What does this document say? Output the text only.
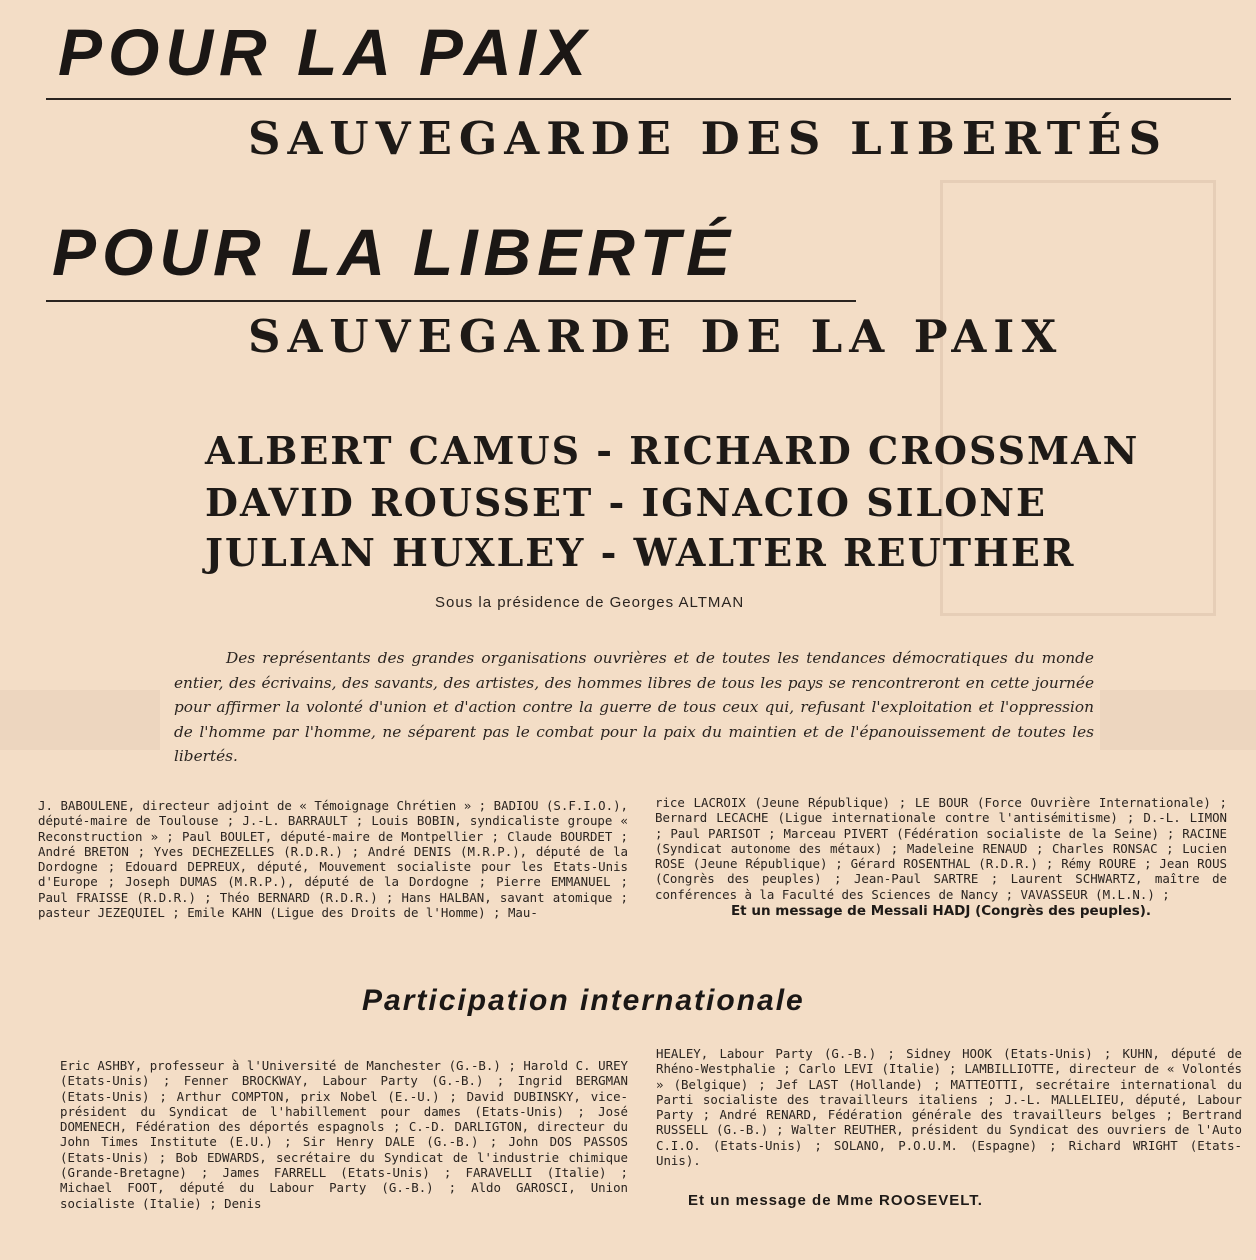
POUR LA PAIX
SAUVEGARDE DES LIBERTÉS
POUR LA LIBERTÉ
SAUVEGARDE DE LA PAIX
ALBERT CAMUS - RICHARD CROSSMAN
DAVID ROUSSET - IGNACIO SILONE
JULIAN HUXLEY - WALTER REUTHER
Sous la présidence de Georges ALTMAN
Des représentants des grandes organisations ouvrières et de toutes les tendances démocratiques du monde entier, des écrivains, des savants, des artistes, des hommes libres de tous les pays se rencontreront en cette journée pour affirmer la volonté d'union et d'action contre la guerre de tous ceux qui, refusant l'exploitation et l'oppression de l'homme par l'homme, ne séparent pas le combat pour la paix du maintien et de l'épanouissement de toutes les libertés.
J. BABOULENE, directeur adjoint de « Témoignage Chrétien » ; BADIOU (S.F.I.O.), député-maire de Toulouse ; J.-L. BARRAULT ; Louis BOBIN, syndicaliste groupe « Reconstruction » ; Paul BOULET, député-maire de Montpellier ; Claude BOURDET ; André BRETON ; Yves DECHEZELLES (R.D.R.) ; André DENIS (M.R.P.), député de la Dordogne ; Edouard DEPREUX, député, Mouvement socialiste pour les Etats-Unis d'Europe ; Joseph DUMAS (M.R.P.), député de la Dordogne ; Pierre EMMANUEL ; Paul FRAISSE (R.D.R.) ; Théo BERNARD (R.D.R.) ; Hans HALBAN, savant atomique ; pasteur JEZEQUIEL ; Emile KAHN (Ligue des Droits de l'Homme) ; Mau-
rice LACROIX (Jeune République) ; LE BOUR (Force Ouvrière Internationale) ; Bernard LECACHE (Ligue internationale contre l'antisémitisme) ; D.-L. LIMON ; Paul PARISOT ; Marceau PIVERT (Fédération socialiste de la Seine) ; RACINE (Syndicat autonome des métaux) ; Madeleine RENAUD ; Charles RONSAC ; Lucien ROSE (Jeune République) ; Gérard ROSENTHAL (R.D.R.) ; Rémy ROURE ; Jean ROUS (Congrès des peuples) ; Jean-Paul SARTRE ; Laurent SCHWARTZ, maître de conférences à la Faculté des Sciences de Nancy ; VAVASSEUR (M.L.N.) ;
Et un message de Messali HADJ (Congrès des peuples).
Participation internationale
Eric ASHBY, professeur à l'Université de Manchester (G.-B.) ; Harold C. UREY (Etats-Unis) ; Fenner BROCKWAY, Labour Party (G.-B.) ; Ingrid BERGMAN (Etats-Unis) ; Arthur COMPTON, prix Nobel (E.-U.) ; David DUBINSKY, vice-président du Syndicat de l'habillement pour dames (Etats-Unis) ; José DOMENECH, Fédération des déportés espagnols ; C.-D. DARLIGTON, directeur du John Times Institute (E.U.) ; Sir Henry DALE (G.-B.) ; John DOS PASSOS (Etats-Unis) ; Bob EDWARDS, secrétaire du Syndicat de l'industrie chimique (Grande-Bretagne) ; James FARRELL (Etats-Unis) ; FARAVELLI (Italie) ; Michael FOOT, député du Labour Party (G.-B.) ; Aldo GAROSCI, Union socialiste (Italie) ; Denis
HEALEY, Labour Party (G.-B.) ; Sidney HOOK (Etats-Unis) ; KUHN, député de Rhéno-Westphalie ; Carlo LEVI (Italie) ; LAMBILLIOTTE, directeur de « Volontés » (Belgique) ; Jef LAST (Hollande) ; MATTEOTTI, secrétaire international du Parti socialiste des travailleurs italiens ; J.-L. MALLELIEU, député, Labour Party ; André RENARD, Fédération générale des travailleurs belges ; Bertrand RUSSELL (G.-B.) ; Walter REUTHER, président du Syndicat des ouvriers de l'Auto C.I.O. (Etats-Unis) ; SOLANO, P.O.U.M. (Espagne) ; Richard WRIGHT (Etats-Unis).
Et un message de Mme ROOSEVELT.
